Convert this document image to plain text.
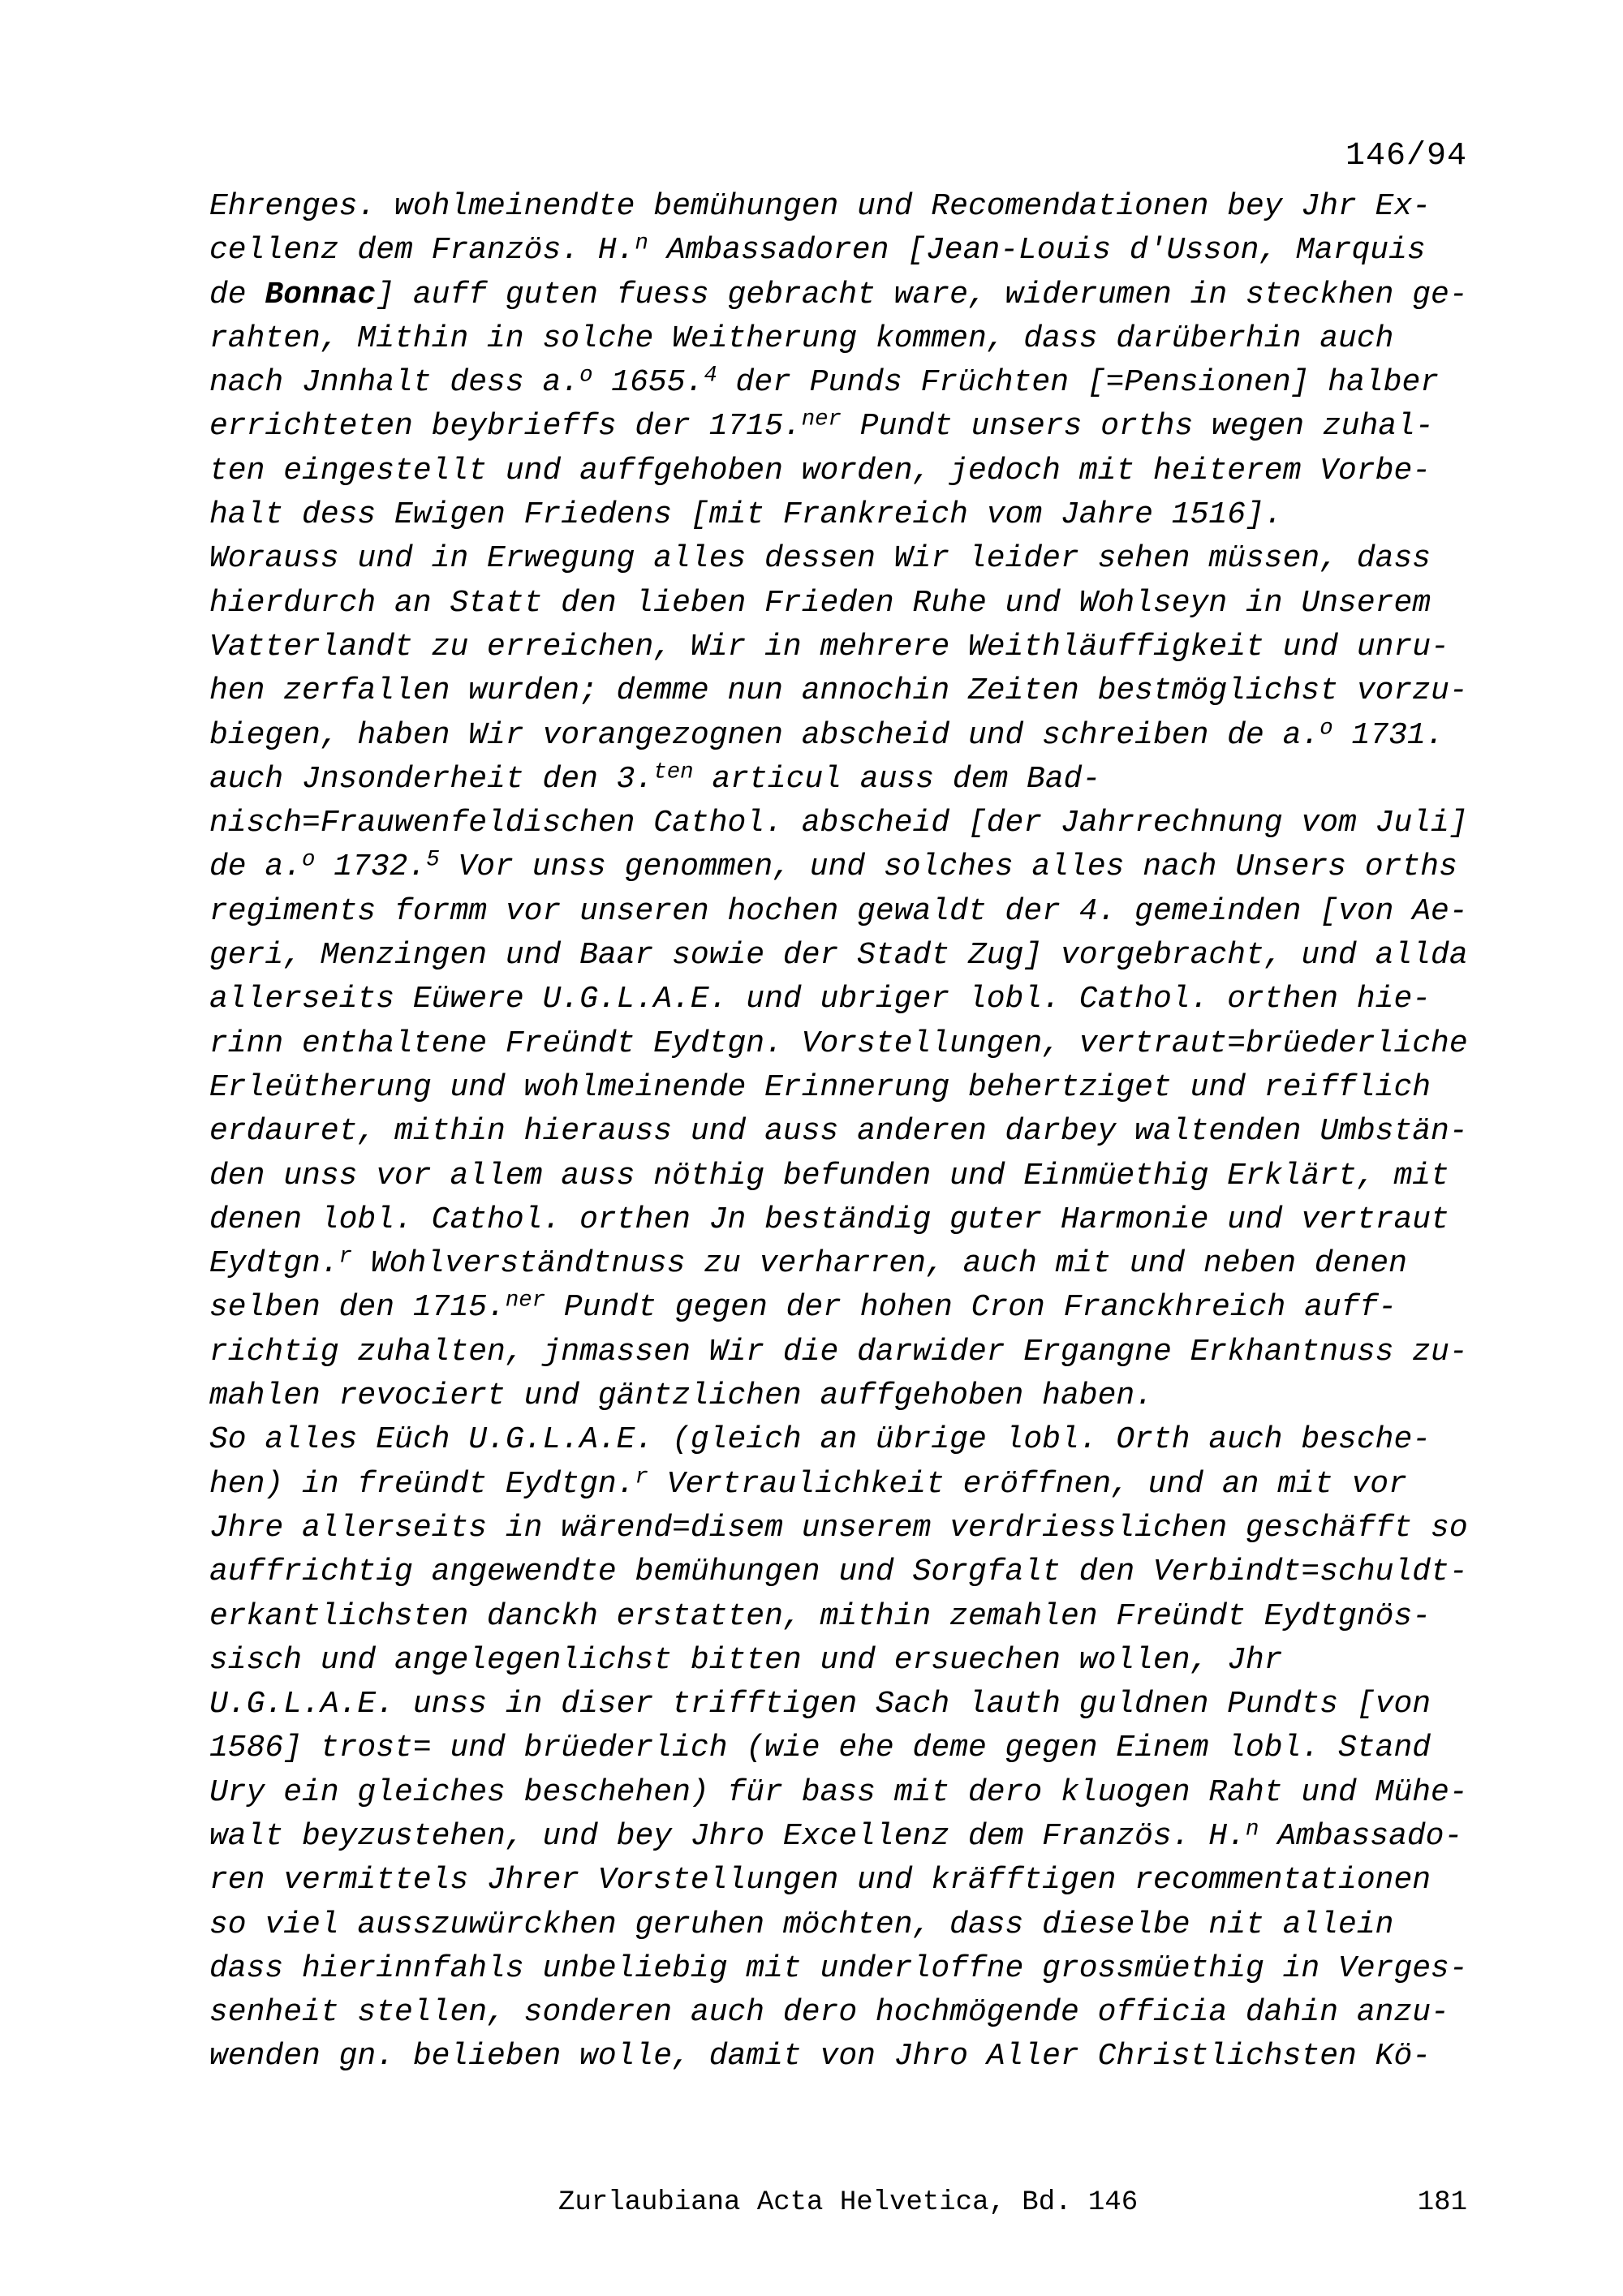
146/94
Ehrenges. wohlmeinendte bemühungen und Recomendationen bey Jhr Ex-
cellenz dem Französ. H.$^n$ Ambassadoren [Jean-Louis d'Usson, Marquis
de Bonnac] auff guten fuess gebracht ware, widerumen in steckhen ge-
rahten, Mithin in solche Weitherung kommen, dass darüberhin auch
nach Jnnhalt dess a.$^o$ 1655.$^4$ der Punds Früchten [=Pensionen] halber
errichteten beybrieffs der 1715.$^{ner}$ Pundt unsers orths wegen zuhal-
ten eingestellt und auffgehoben worden, jedoch mit heiterem Vorbe-
halt dess Ewigen Friedens [mit Frankreich vom Jahre 1516].
Worauss und in Erwegung alles dessen Wir leider sehen müssen, dass
hierdurch an Statt den lieben Frieden Ruhe und Wohlseyn in Unserem
Vatterlandt zu erreichen, Wir in mehrere Weithläuffigkeit und unru-
hen zerfallen wurden; demme nun annochin Zeiten bestmöglichst vorzu-
biegen, haben Wir vorangezognen abscheid und schreiben de a.$^o$ 1731.
auch Jnsonderheit den 3.$^{ten}$ articul auss dem Bad-
nisch=Frauwenfeldischen Cathol. abscheid [der Jahrrechnung vom Juli]
de a.$^o$ 1732.$^5$ Vor unss genommen, und solches alles nach Unsers orths
regiments formm vor unseren hochen gewaldt der 4. gemeinden [von Ae-
geri, Menzingen und Baar sowie der Stadt Zug] vorgebracht, und allda
allerseits Eüwere U.G.L.A.E. und ubriger lobl. Cathol. orthen hie-
rinn enthaltene Freündt Eydtgn. Vorstellungen, vertraut=brüederliche
Erleütherung und wohlmeinende Erinnerung behertziget und reifflich
erdauret, mithin hierauss und auss anderen darbey waltenden Umbstän-
den unss vor allem auss nöthig befunden und Einmüethig Erklärt, mit
denen lobl. Cathol. orthen Jn beständig guter Harmonie und vertraut
Eydtgn.$^r$ Wohlverständtnuss zu verharren, auch mit und neben denen
selben den 1715.$^{ner}$ Pundt gegen der hohen Cron Franckhreich auff-
richtig zuhalten, jnmassen Wir die darwider Ergangne Erkhantnuss zu-
mahlen revociert und gäntzlichen auffgehoben haben.
So alles Eüch U.G.L.A.E. (gleich an übrige lobl. Orth auch besche-
hen) in freündt Eydtgn.$^r$ Vertraulichkeit eröffnen, und an mit vor
Jhre allerseits in wärend=disem unserem verdriesslichen geschäfft so
auffrichtig angewendte bemühungen und Sorgfalt den Verbindt=schuldt-
erkantlichsten danckh erstatten, mithin zemahlen Freündt Eydtgnös-
sisch und angelegenlichst bitten und ersuechen wollen, Jhr
U.G.L.A.E. unss in diser trifftigen Sach lauth guldnen Pundts [von
1586] trost= und brüederlich (wie ehe deme gegen Einem lobl. Stand
Ury ein gleiches beschehen) für bass mit dero kluogen Raht und Mühe-
walt beyzustehen, und bey Jhro Excellenz dem Französ. H.$^n$ Ambassado-
ren vermittels Jhrer Vorstellungen und kräfftigen recommentationen
so viel ausszuwürckhen geruhen möchten, dass dieselbe nit allein
dass hierinnfahls unbeliebig mit underloffne grossmüethig in Verges-
senheit stellen, sonderen auch dero hochmögende officia dahin anzu-
wenden gn. belieben wolle, damit von Jhro Aller Christlichsten Kö-
Zurlaubiana Acta Helvetica, Bd. 146	181
